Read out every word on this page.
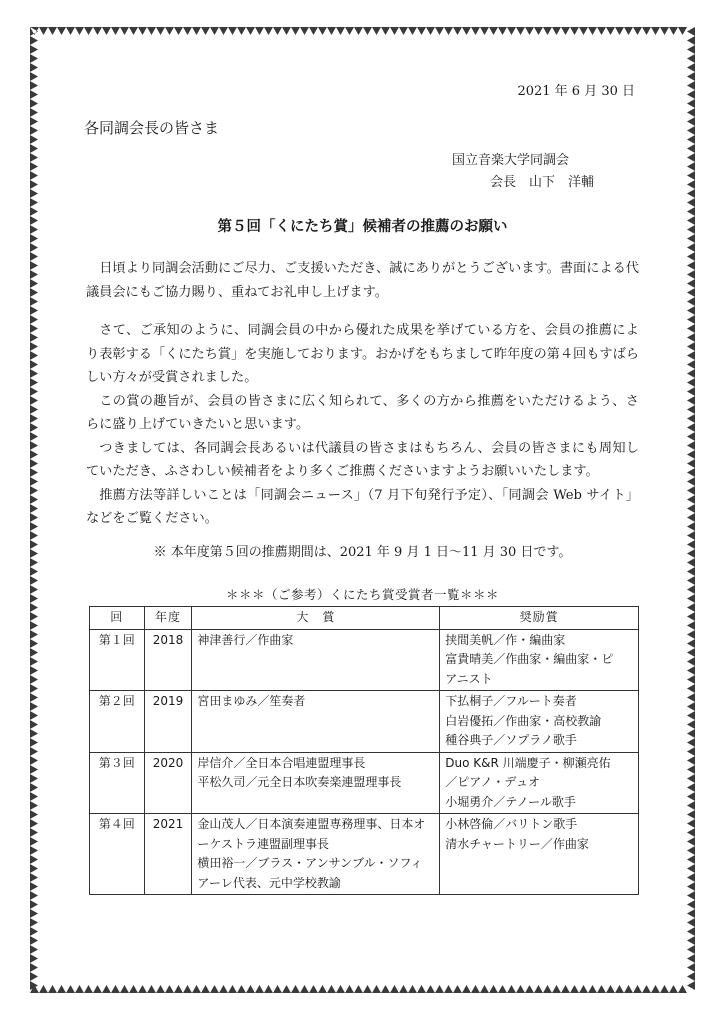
2021 年 6 月 30 日
各同調会長の皆さま
国立音楽大学同調会
会長　山下　洋輔
第５回「くにたち賞」候補者の推薦のお願い

日頃より同調会活動にご尽力、ご支援いただき、誠にありがとうございます。書面による代議員会にもご協力賜り、重ねてお礼申し上げます。

さて、ご承知のように、同調会員の中から優れた成果を挙げている方を、会員の推薦により表彰する「くにたち賞」を実施しております。おかげをもちまして昨年度の第４回もすばらしい方々が受賞されました。

この賞の趣旨が、会員の皆さまに広く知られて、多くの方から推薦をいただけるよう、さらに盛り上げていきたいと思います。

つきましては、各同調会長あるいは代議員の皆さまはもちろん、会員の皆さまにも周知していただき、ふさわしい候補者をより多くご推薦くださいますようお願いいたします。

推薦方法等詳しいことは「同調会ニュース」（7 月下旬発行予定）、「同調会 Web サイト」などをご覧ください。

※ 本年度第５回の推薦期間は、2021 年 9 月 1 日～11 月 30 日です。
＊＊＊（ご参考）くにたち賞受賞者一覧＊＊＊
回	年度	大　賞	奨励賞
第１回	2018	神津善行／作曲家	挟間美帆／作・編曲家
富貴晴美／作曲家・編曲家・ピ
アニスト

第２回	2019	宮田まゆみ／笙奏者	下払桐子／フルート奏者
白岩優拓／作曲家・高校教諭
種谷典子／ソプラノ歌手

第３回	2020	岸信介／全日本合唱連盟理事長
平松久司／元全日本吹奏楽連盟理事長	Duo K&R 川端慶子・柳瀬亮佑
／ピアノ・デュオ
小堀勇介／テノール歌手

第４回	2021	金山茂人／日本演奏連盟専務理事、日本オ
ーケストラ連盟副理事長
横田裕一／ブラス・アンサンブル・ソフィ
アーレ代表、元中学校教諭	小林啓倫／バリトン歌手
清水チャートリー／作曲家
